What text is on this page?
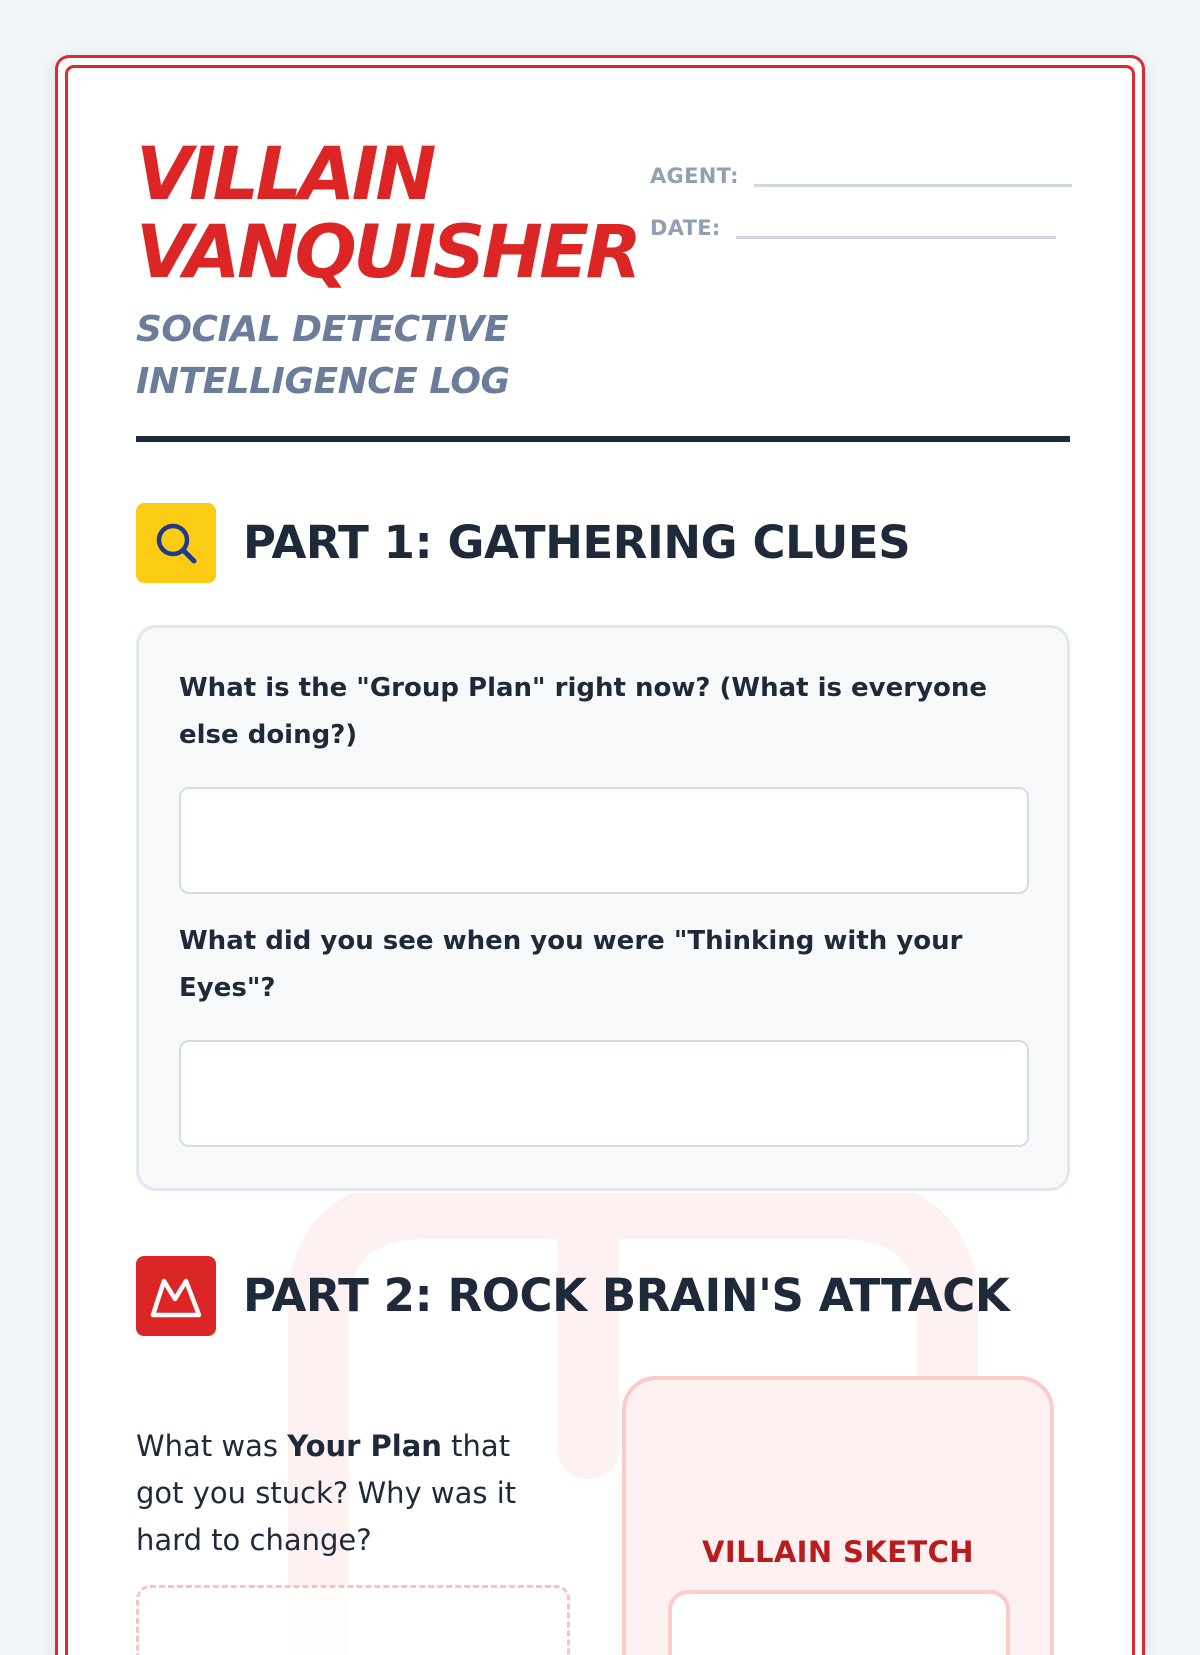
VILLAIN
VANQUISHER

SOCIAL DETECTIVE
INTELLIGENCE LOG

AGENT:
DATE:
PART 1: GATHERING CLUES

What is the "Group Plan" right now? (What is everyone else doing?)

What did you see when you were "Thinking with your Eyes"?

PART 2: ROCK BRAIN'S ATTACK

What was Your Plan that got you stuck? Why was it hard to change?	VILLAIN SKETCH
